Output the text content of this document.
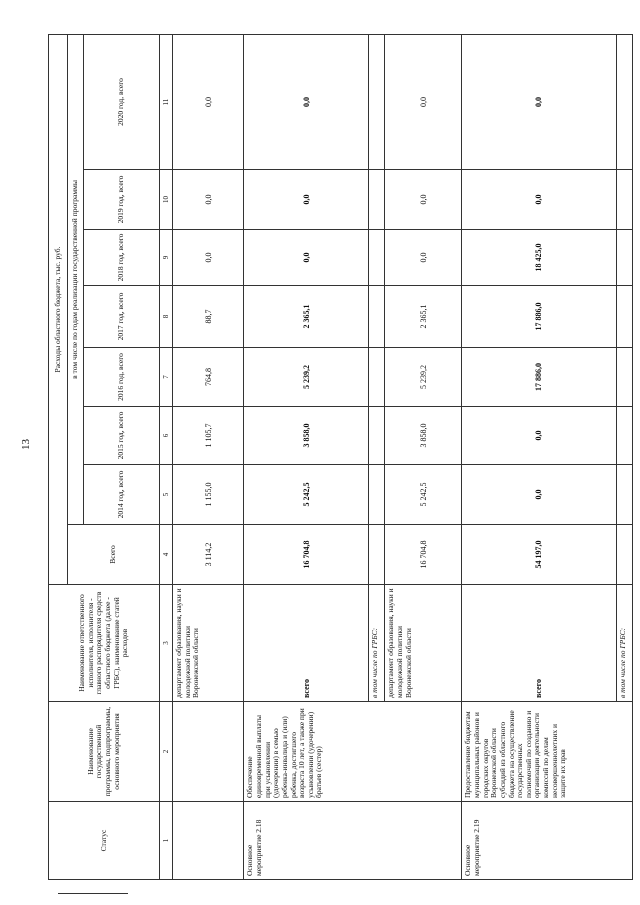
13
Статус	Наименование государственной программы, подпрограммы, основного мероприятия	Наименование ответственного исполнителя, исполнителя - главного распорядителя средств областного бюджета (далее - ГРБС), наименование статей расходов	Расходы областного бюджета, тыс. руб.							
			Всего	в том числе по годам реализации государственной программы						
				2014 год, всего	2015 год, всего	2016 год, всего	2017 год, всего	2018 год, всего	2019 год, всего	2020 год, всего
1	2	3	4	5	6	7	8	9	10	11
		департамент образования, науки и молодежной политики Воронежской области	3 114,2	1 155,0	1 105,7	764,8	88,7	0,0	0,0	0,0
Основное мероприятие 2.18	Обеспечение единовременной выплаты при усыновлении (удочерении) в семью ребенка-инвалида и (или) ребенка, достигшего возраста 10 лет, а также при усыновлении (удочерении) братьев (сестер)	всего	16 704,8	5 242,5	3 858,0	5 239,2	2 365,1	0,0	0,0	0,0
		в том числе по ГРБС:								
		департамент образования, науки и молодежной политики Воронежской области	16 704,8	5 242,5	3 858,0	5 239,2	2 365,1	0,0	0,0	0,0
Основное мероприятие 2.19	Предоставление бюджетам муниципальных районов и городских округов Воронежской области субсидий из областного бюджета на осуществление государственных полномочий по созданию и организации деятельности комиссий по делам несовершеннолетних и защите их прав	всего	54 197,0	0,0	0,0	17 886,0	17 886,0	18 425,0	0,0	0,0
		в том числе по ГРБС:								
